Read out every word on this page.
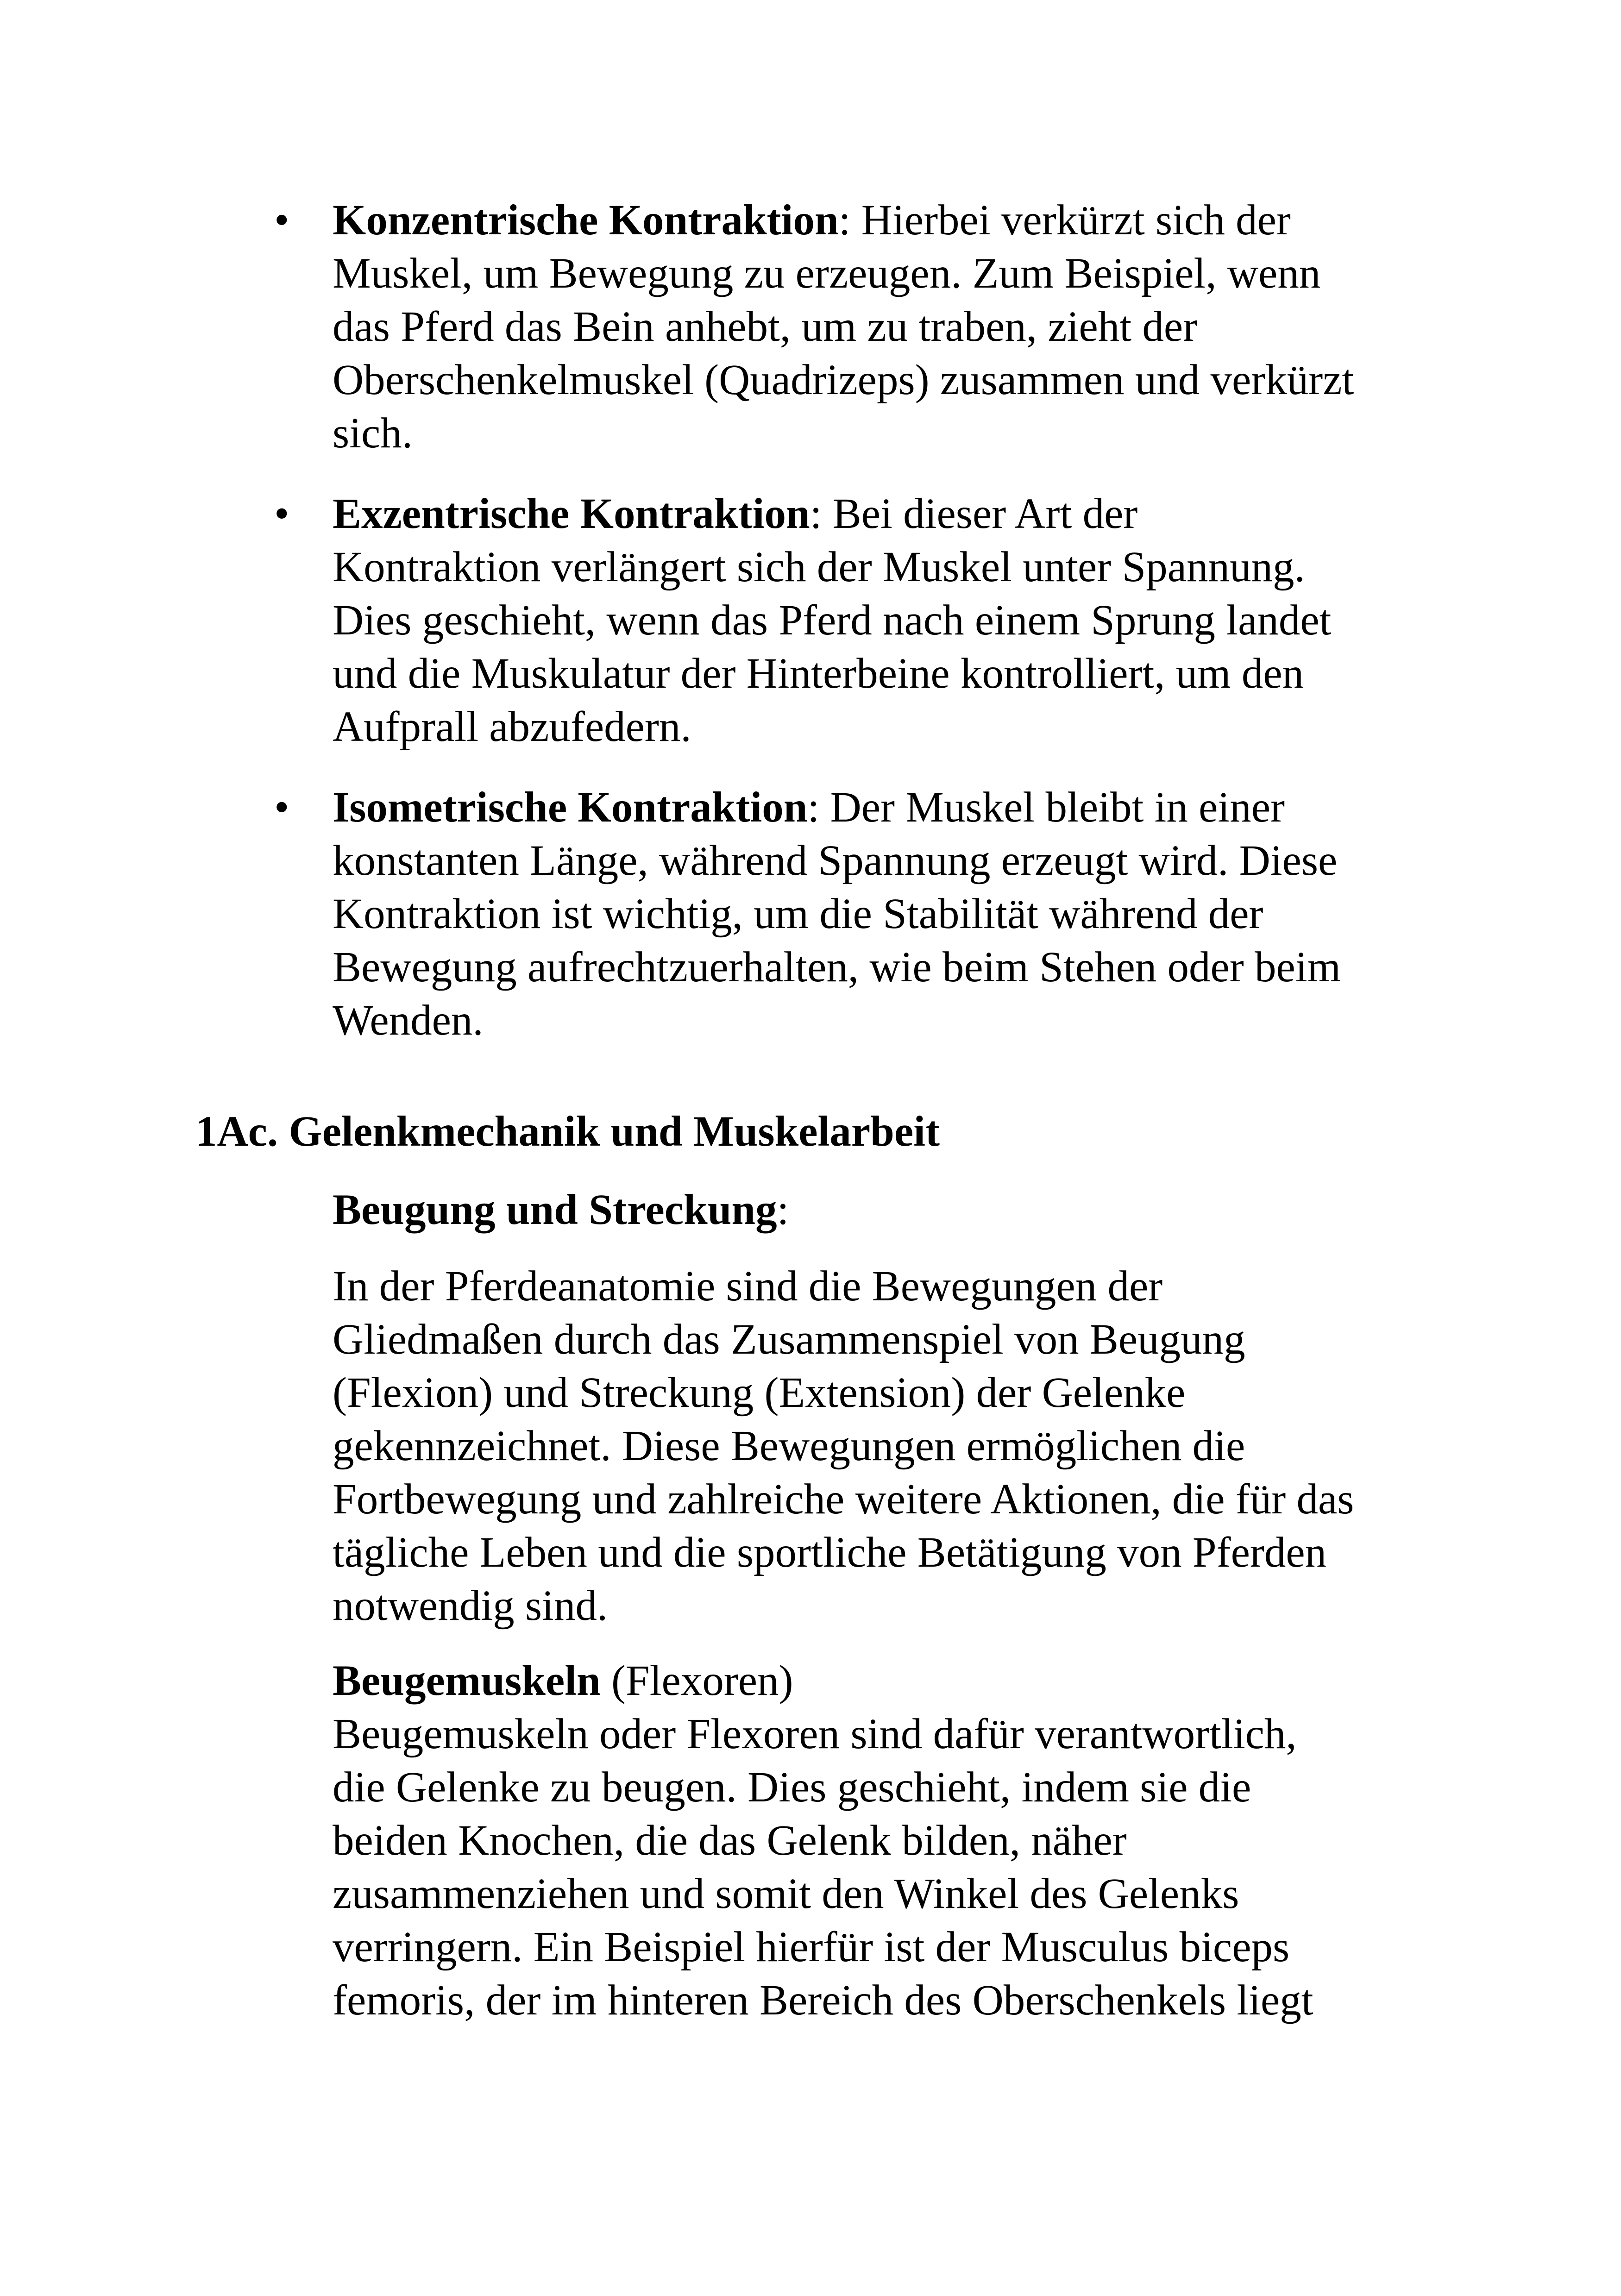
• Konzentrische Kontraktion: Hierbei verkürzt sich der
Muskel, um Bewegung zu erzeugen. Zum Beispiel, wenn
das Pferd das Bein anhebt, um zu traben, zieht der
Oberschenkelmuskel (Quadrizeps) zusammen und verkürzt
sich.
• Exzentrische Kontraktion: Bei dieser Art der
Kontraktion verlängert sich der Muskel unter Spannung.
Dies geschieht, wenn das Pferd nach einem Sprung landet
und die Muskulatur der Hinterbeine kontrolliert, um den
Aufprall abzufedern.
• Isometrische Kontraktion: Der Muskel bleibt in einer
konstanten Länge, während Spannung erzeugt wird. Diese
Kontraktion ist wichtig, um die Stabilität während der
Bewegung aufrechtzuerhalten, wie beim Stehen oder beim
Wenden.
1Ac. Gelenkmechanik und Muskelarbeit
Beugung und Streckung:
In der Pferdeanatomie sind die Bewegungen der
Gliedmaßen durch das Zusammenspiel von Beugung
(Flexion) und Streckung (Extension) der Gelenke
gekennzeichnet. Diese Bewegungen ermöglichen die
Fortbewegung und zahlreiche weitere Aktionen, die für das
tägliche Leben und die sportliche Betätigung von Pferden
notwendig sind.
Beugemuskeln (Flexoren)
Beugemuskeln oder Flexoren sind dafür verantwortlich,
die Gelenke zu beugen. Dies geschieht, indem sie die
beiden Knochen, die das Gelenk bilden, näher
zusammenziehen und somit den Winkel des Gelenks
verringern. Ein Beispiel hierfür ist der Musculus biceps
femoris, der im hinteren Bereich des Oberschenkels liegt
